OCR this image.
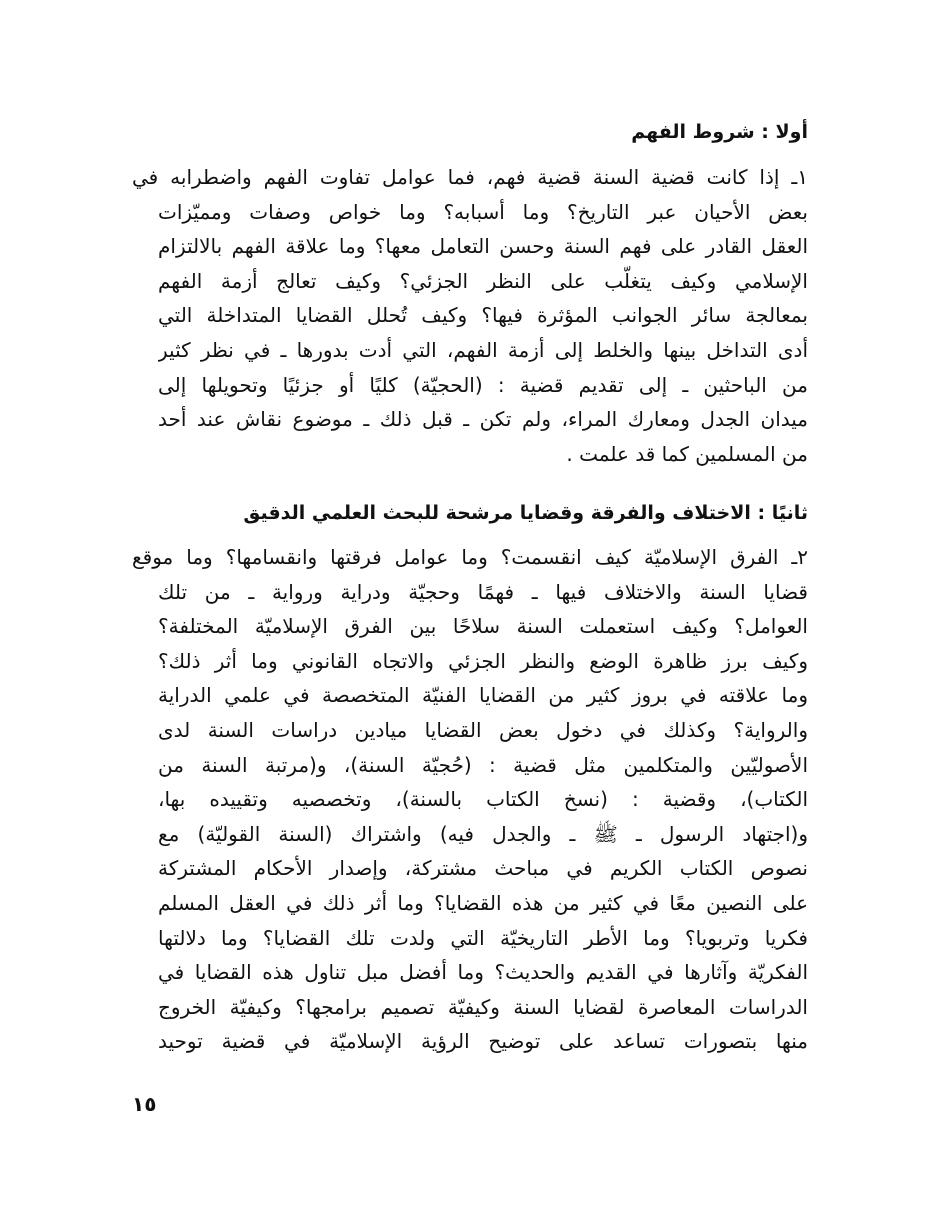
أولا : شروط الفهم
١ـ إذا كانت قضية السنة قضية فهم، فما عوامل تفاوت الفهم واضطرابه في
بعض الأحيان عبر التاريخ؟ وما أسبابه؟ وما خواص وصفات ومميّزات
العقل القادر على فهم السنة وحسن التعامل معها؟ وما علاقة الفهم بالالتزام
الإسلامي وكيف يتغلّب على النظر الجزئي؟ وكيف تعالج أزمة الفهم
بمعالجة سائر الجوانب المؤثرة فيها؟ وكيف تُحلل القضايا المتداخلة التي
أدى التداخل بينها والخلط إلى أزمة الفهم، التي أدت بدورها ـ في نظر كثير
من الباحثين ـ إلى تقديم قضية : (الحجيّة) كليًا أو جزئيًا وتحويلها إلى
ميدان الجدل ومعارك المراء، ولم تكن ـ قبل ذلك ـ موضوع نقاش عند أحد
من المسلمين كما قد علمت .
ثانيًا : الاختلاف والفرقة وقضايا مرشحة للبحث العلمي الدقيق
٢ـ الفرق الإسلاميّة كيف انقسمت؟ وما عوامل فرقتها وانقسامها؟ وما موقع
قضايا السنة والاختلاف فيها ـ فهمًا وحجيّة ودراية ورواية ـ من تلك
العوامل؟ وكيف استعملت السنة سلاحًا بين الفرق الإسلاميّة المختلفة؟
وكيف برز ظاهرة الوضع والنظر الجزئي والاتجاه القانوني وما أثر ذلك؟
وما علاقته في بروز كثير من القضايا الفنيّة المتخصصة في علمي الدراية
والرواية؟ وكذلك في دخول بعض القضايا ميادين دراسات السنة لدى
الأصوليّين والمتكلمين مثل قضية : (حُجيّة السنة)، و(مرتبة السنة من
الكتاب)، وقضية : (نسخ الكتاب بالسنة)، وتخصصيه وتقييده بها،
و(اجتهاد الرسول ـ ﷺ ـ والجدل فيه) واشتراك (السنة القوليّة) مع
نصوص الكتاب الكريم في مباحث مشتركة، وإصدار الأحكام المشتركة
على النصين معًا في كثير من هذه القضايا؟ وما أثر ذلك في العقل المسلم
فكريا وتربويا؟ وما الأطر التاريخيّة التي ولدت تلك القضايا؟ وما دلالتها
الفكريّة وآثارها في القديم والحديث؟ وما أفضل مبل تناول هذه القضايا في
الدراسات المعاصرة لقضايا السنة وكيفيّة تصميم برامجها؟ وكيفيّة الخروج
منها بتصورات تساعد على توضيح الرؤية الإسلاميّة في قضية توحيد
١٥
